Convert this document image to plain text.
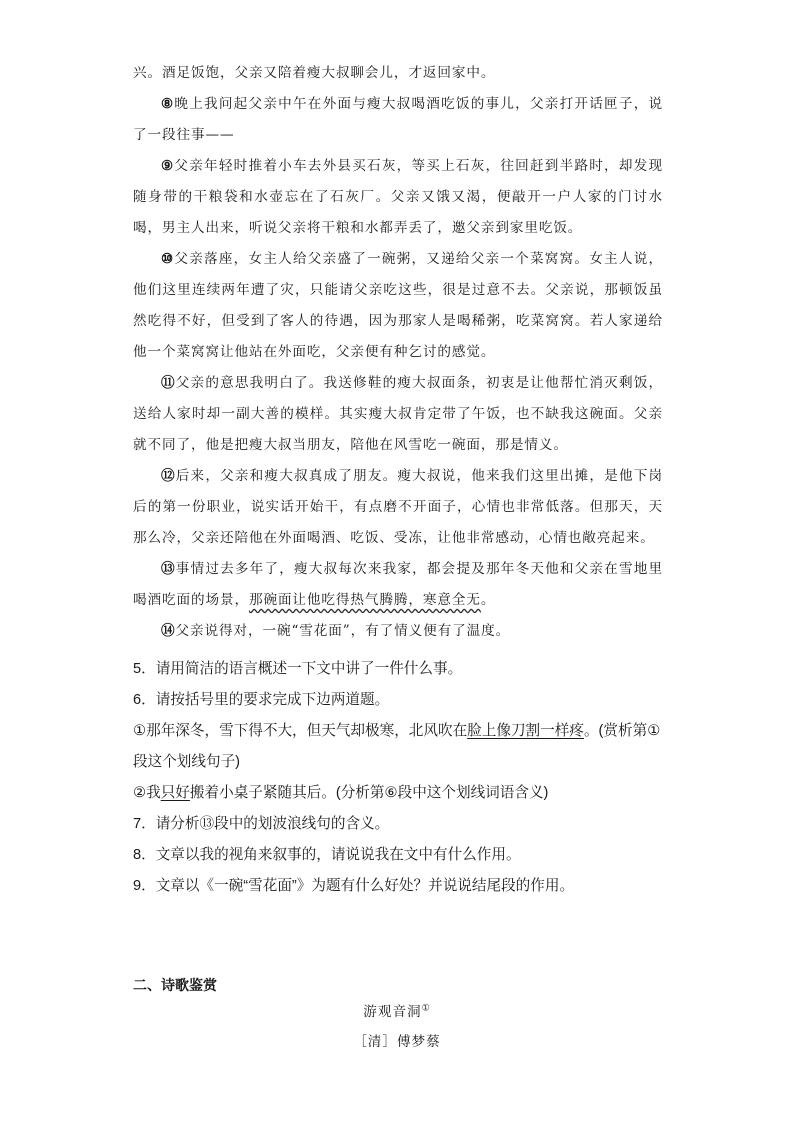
兴。酒足饭饱，父亲又陪着瘦大叔聊会儿，才返回家中。

⑧晚上我问起父亲中午在外面与瘦大叔喝酒吃饭的事儿，父亲打开话匣子，说了一段往事——

⑨父亲年轻时推着小车去外县买石灰，等买上石灰，往回赶到半路时，却发现随身带的干粮袋和水壶忘在了石灰厂。父亲又饿又渴，便敲开一户人家的门讨水喝，男主人出来，听说父亲将干粮和水都弄丢了，邀父亲到家里吃饭。

⑩父亲落座，女主人给父亲盛了一碗粥，又递给父亲一个菜窝窝。女主人说，他们这里连续两年遭了灾，只能请父亲吃这些，很是过意不去。父亲说，那顿饭虽然吃得不好，但受到了客人的待遇，因为那家人是喝稀粥，吃菜窝窝。若人家递给他一个菜窝窝让他站在外面吃，父亲便有种乞讨的感觉。

⑪父亲的意思我明白了。我送修鞋的瘦大叔面条，初衷是让他帮忙消灭剩饭，送给人家时却一副大善的模样。其实瘦大叔肯定带了午饭，也不缺我这碗面。父亲就不同了，他是把瘦大叔当朋友，陪他在风雪吃一碗面，那是情义。

⑫后来，父亲和瘦大叔真成了朋友。瘦大叔说，他来我们这里出摊，是他下岗后的第一份职业，说实话开始干，有点磨不开面子，心情也非常低落。但那天，天那么冷，父亲还陪他在外面喝酒、吃饭、受冻，让他非常感动，心情也敞亮起来。

⑬事情过去多年了，瘦大叔每次来我家，都会提及那年冬天他和父亲在雪地里喝酒吃面的场景，那碗面让他吃得热气腾腾，寒意全无。

⑭父亲说得对，一碗“雪花面”，有了情义便有了温度。

5．请用简洁的语言概述一下文中讲了一件什么事。

6．请按括号里的要求完成下边两道题。

①那年深冬，雪下得不大，但天气却极寒，北风吹在脸上像刀割一样疼。(赏析第①段这个划线句子)

②我只好搬着小桌子紧随其后。(分析第⑥段中这个划线词语含义)

7．请分析⑬段中的划波浪线句的含义。

8．文章以我的视角来叙事的，请说说我在文中有什么作用。

9．文章以《一碗“雪花面”》为题有什么好处？并说说结尾段的作用。

二、诗歌鉴赏
游观音洞①
［清］傅梦蔡
